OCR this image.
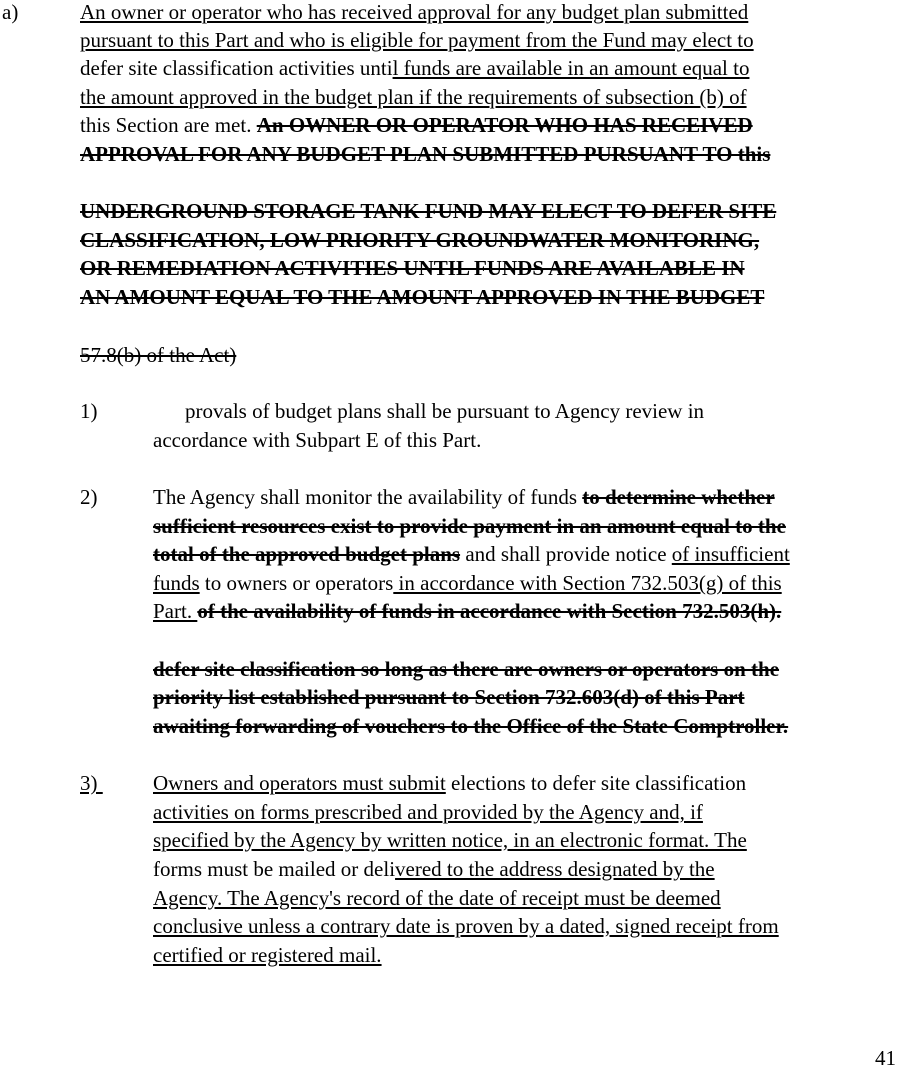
a)	An owner or operator who has received approval for any budget plan submitted
pursuant to this Part and who is eligible for payment from the Fund may elect to
defer site classification activities until funds are available in an amount equal to
the amount approved in the budget plan if the requirements of subsection (b) of
this Section are met. An OWNER OR OPERATOR WHO HAS RECEIVED
APPROVAL FOR ANY BUDGET PLAN SUBMITTED PURSUANT TO this
UNDERGROUND STORAGE TANK FUND MAY ELECT TO DEFER SITE
CLASSIFICATION, LOW PRIORITY GROUNDWATER MONITORING,
OR REMEDIATION ACTIVITIES UNTIL FUNDS ARE AVAILABLE IN
AN AMOUNT EQUAL TO THE AMOUNT APPROVED IN THE BUDGET
57.8(b) of the Act)
1)	provals of budget plans shall be pursuant to Agency review in
accordance with Subpart E of this Part.
2)	The Agency shall monitor the availability of funds to determine whether
sufficient resources exist to provide payment in an amount equal to the
total of the approved budget plans and shall provide notice of insufficient
funds to owners or operators in accordance with Section 732.503(g) of this
Part. of the availability of funds in accordance with Section 732.503(h).
defer site classification so long as there are owners or operators on the
priority list established pursuant to Section 732.603(d) of this Part
awaiting forwarding of vouchers to the Office of the State Comptroller.
3)	Owners and operators must submit elections to defer site classification
activities on forms prescribed and provided by the Agency and, if
specified by the Agency by written notice, in an electronic format. The
forms must be mailed or delivered to the address designated by the
Agency. The Agency's record of the date of receipt must be deemed
conclusive unless a contrary date is proven by a dated, signed receipt from
certified or registered mail.
41
